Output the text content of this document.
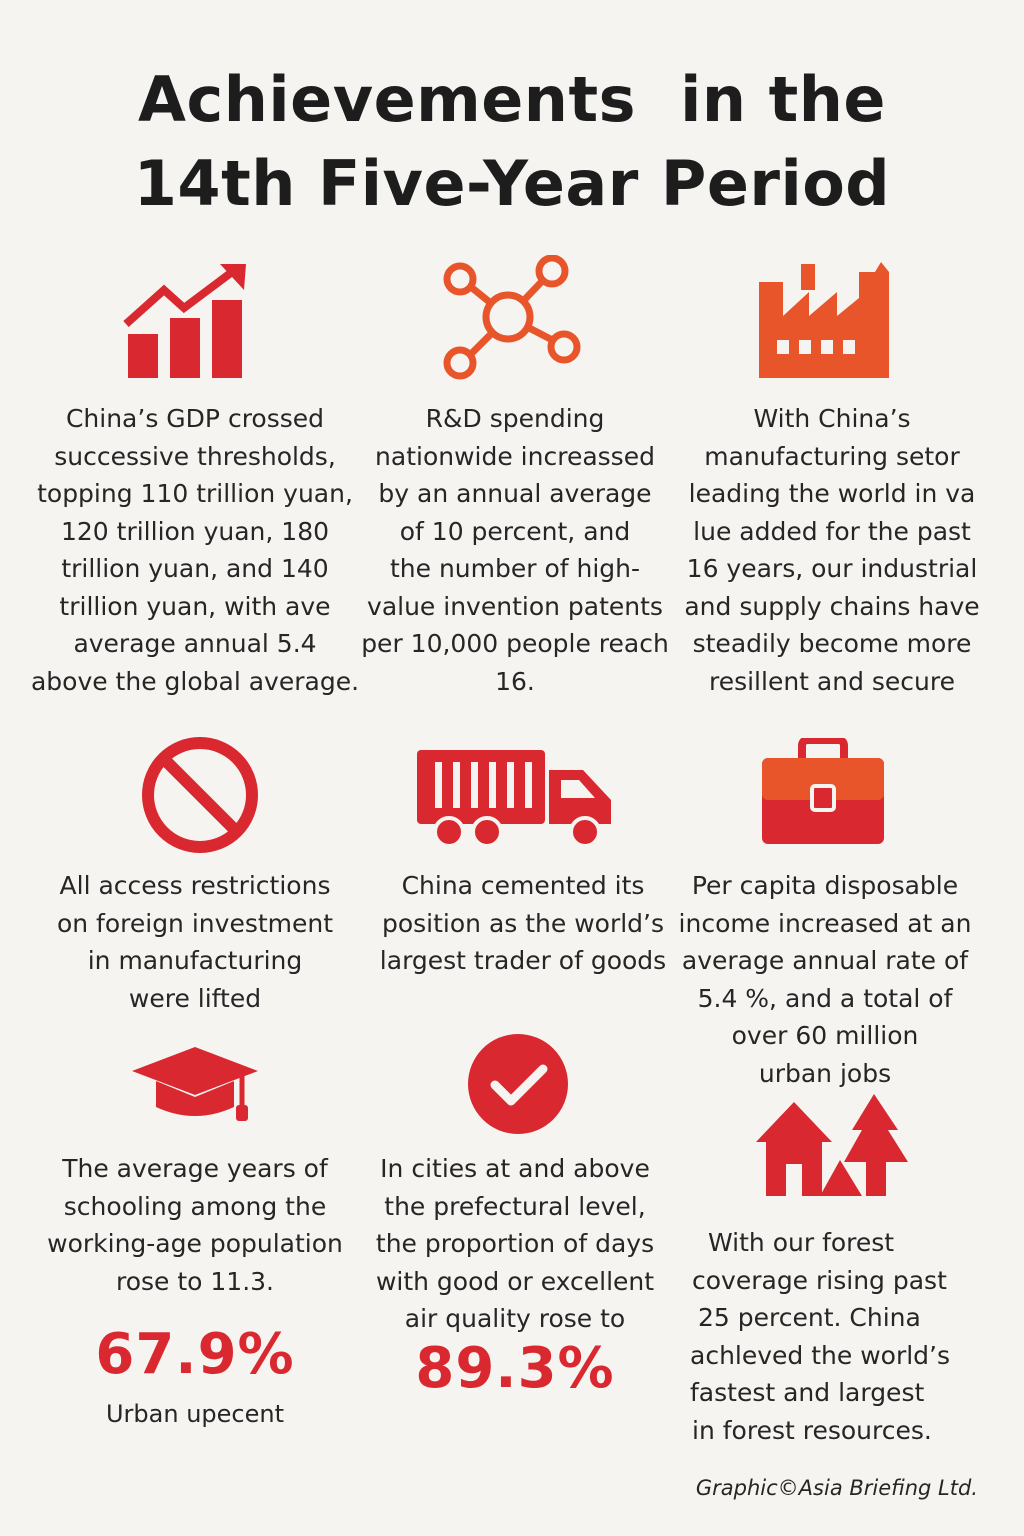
Achievements  in the
14th Five-Year Period
China’s GDP crossed
successive thresholds,
topping 110 trillion yuan,
120 trillion yuan, 180
trillion yuan, and 140
trillion yuan, with ave
average annual 5.4
above the global average.
R&D spending
nationwide increassed
by an annual average
of 10 percent, and
the number of high-
value invention patents
per 10,000 people reach
16.
With China’s
manufacturing setor
leading the world in va
lue added for the past
16 years, our industrial
and supply chains have
steadily become more
resillent and secure
All access restrictions
on foreign investment
in manufacturing
were lifted
China cemented its
position as the world’s
largest trader of goods
Per capita disposable
income increased at an
average annual rate of
5.4 %, and a total of
over 60 million
urban jobs
The average years of
schooling among the
working-age population
rose to 11.3.
67.9%
Urban upecent
In cities at and above
the prefectural level,
the proportion of days
with good or excellent
air quality rose to
89.3%
With our forest
coverage rising past
25 percent. China
achleved the world’s
fastest and largest
in forest resources.
Graphic©Asia Briefing Ltd.
